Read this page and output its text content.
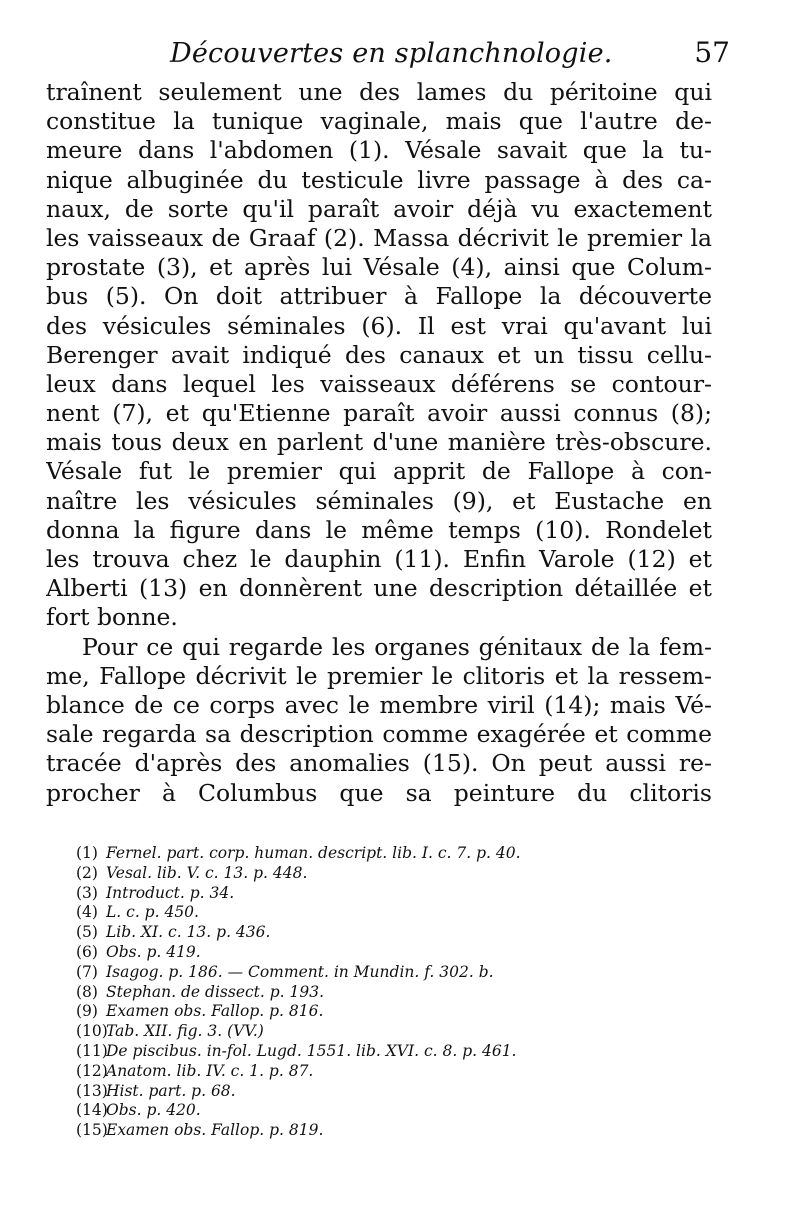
Découvertes en splanchnologie.	57
traînent seulement une des lames du péritoine qui
constitue la tunique vaginale, mais que l'autre de-
meure dans l'abdomen (1). Vésale savait que la tu-
nique albuginée du testicule livre passage à des ca-
naux, de sorte qu'il paraît avoir déjà vu exactement
les vaisseaux de Graaf (2). Massa décrivit le premier la
prostate (3), et après lui Vésale (4), ainsi que Colum-
bus (5). On doit attribuer à Fallope la découverte
des vésicules séminales (6). Il est vrai qu'avant lui
Berenger avait indiqué des canaux et un tissu cellu-
leux dans lequel les vaisseaux déférens se contour-
nent (7), et qu'Etienne paraît avoir aussi connus (8);
mais tous deux en parlent d'une manière très-obscure.
Vésale fut le premier qui apprit de Fallope à con-
naître les vésicules séminales (9), et Eustache en
donna la figure dans le même temps (10). Rondelet
les trouva chez le dauphin (11). Enfin Varole (12) et
Alberti (13) en donnèrent une description détaillée et
fort bonne.
Pour ce qui regarde les organes génitaux de la fem-
me, Fallope décrivit le premier le clitoris et la ressem-
blance de ce corps avec le membre viril (14); mais Vé-
sale regarda sa description comme exagérée et comme
tracée d'après des anomalies (15). On peut aussi re-
procher à Columbus que sa peinture du clitoris
(1) Fernel. part. corp. human. descript. lib. I. c. 7. p. 40.
(2) Vesal. lib. V. c. 13. p. 448.
(3) Introduct. p. 34.
(4) L. c. p. 450.
(5) Lib. XI. c. 13. p. 436.
(6) Obs. p. 419.
(7) Isagog. p. 186. — Comment. in Mundin. f. 302. b.
(8) Stephan. de dissect. p. 193.
(9) Examen obs. Fallop. p. 816.
(10)Tab. XII. fig. 3. (VV.)
(11)De piscibus. in-fol. Lugd. 1551. lib. XVI. c. 8. p. 461.
(12)Anatom. lib. IV. c. 1. p. 87.
(13)Hist. part. p. 68.
(14)Obs. p. 420.
(15)Examen obs. Fallop. p. 819.
